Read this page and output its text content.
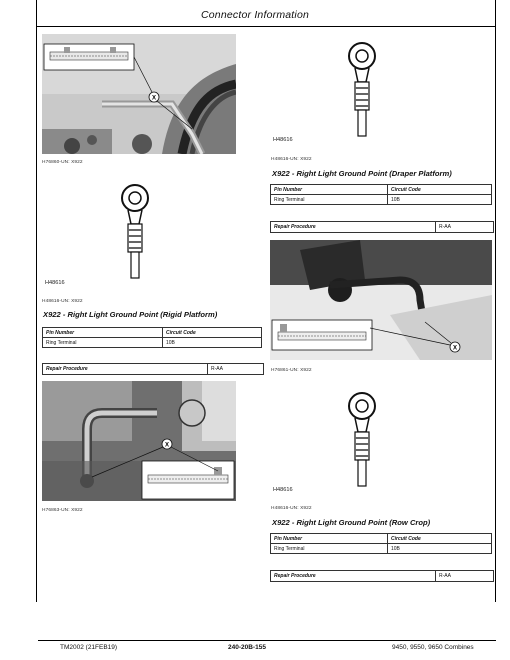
Connector Information
X
H76860-UN: X922
H48616
H48616-UN: X922
X922 - Right Light Ground Point (Rigid Platform)
Pin Number	Circuit Code
Ring Terminal	10B
Repair Procedure	R-AA
X
H76863-UN: X922
H48616
H48616-UN: X922
X922 - Right Light Ground Point (Draper Platform)
Pin Number	Circuit Code
Ring Terminal	10B
Repair Procedure	R-AA
X
H76861-UN: X922
H48616
H48616-UN: X922
X922 - Right Light Ground Point (Row Crop)
Pin Number	Circuit Code
Ring Terminal	10B
Repair Procedure	R-AA
TM2002 (21FEB19)	240-20B-155	9450, 9550, 9650 Combines
